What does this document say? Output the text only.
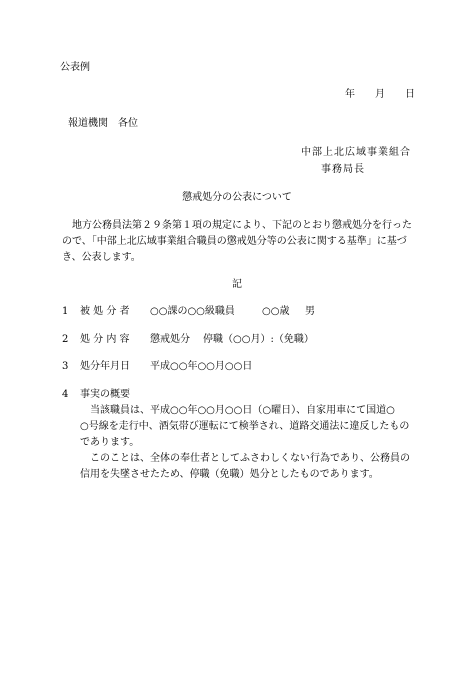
公表例
年　　月　　日
報道機関　各位
中部上北広域事業組合
事務局長
懲戒処分の公表について
　地方公務員法第２９条第１項の規定により、下記のとおり懲戒処分を行った
ので、「中部上北広域事業組合職員の懲戒処分等の公表に関する基準」に基づ
き、公表します。
記
1 被 処 分 者 ○○課の○○級職員	○○歳 男
2 処 分 内 容 懲戒処分 停職（○○月）:（免職）
3 処分年月日 平成○○年○○月○○日
4 事実の概要
　当該職員は、平成○○年○○月○○日（○曜日）、自家用車にて国道○
○号線を走行中、酒気帯び運転にて検挙され、道路交通法に違反したもの
であります。
　このことは、全体の奉仕者としてふさわしくない行為であり、公務員の
信用を失墜させたため、停職（免職）処分としたものであります。
